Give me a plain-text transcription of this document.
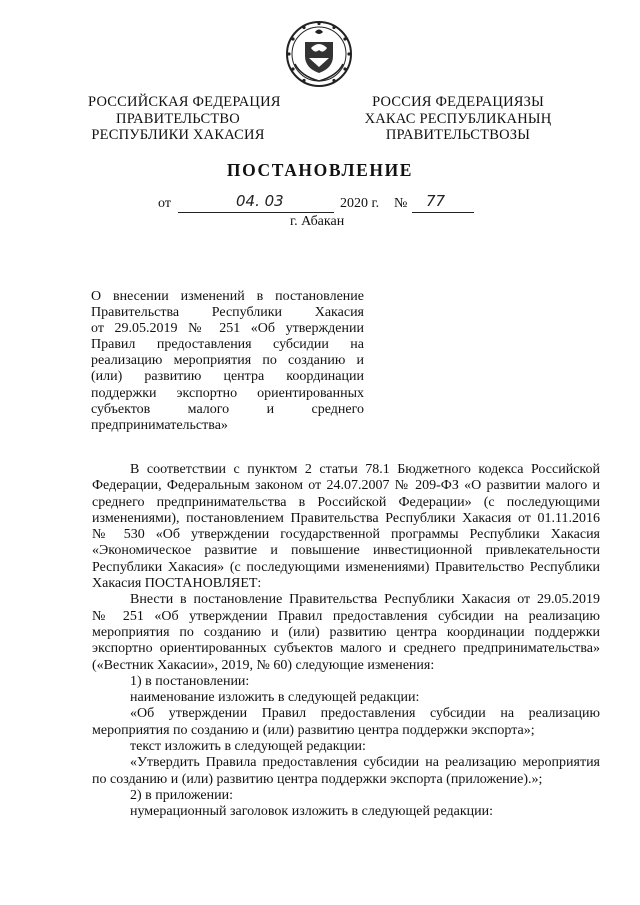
РОССИЙСКАЯ ФЕДЕРАЦИЯ
ПРАВИТЕЛЬСТВО
РЕСПУБЛИКИ ХАКАСИЯ
РОССИЯ ФЕДЕРАЦИЯЗЫ
ХАКАС РЕСПУБЛИКАНЫҢ
ПРАВИТЕЛЬСТВОЗЫ
ПОСТАНОВЛЕНИЕ
от	04. 03	2020 г. № 77
г. Абакан
О внесении изменений в постановление
Правительства Республики Хакасия
от 29.05.2019 № 251 «Об утверждении
Правил предоставления субсидии на
реализацию мероприятия по созданию и
(или) развитию центра координации
поддержки экспортно ориентированных
субъектов малого и среднего
предпринимательства»
В соответствии с пунктом 2 статьи 78.1 Бюджетного кодекса Российской
Федерации, Федеральным законом от 24.07.2007 № 209-ФЗ «О развитии малого и
среднего предпринимательства в Российской Федерации» (с последующими
изменениями), постановлением Правительства Республики Хакасия от 01.11.2016
№ 530 «Об утверждении государственной программы Республики Хакасия
«Экономическое развитие и повышение инвестиционной привлекательности
Республики Хакасия» (с последующими изменениями) Правительство Республики
Хакасия ПОСТАНОВЛЯЕТ:
Внести в постановление Правительства Республики Хакасия от 29.05.2019
№ 251 «Об утверждении Правил предоставления субсидии на реализацию
мероприятия по созданию и (или) развитию центра координации поддержки
экспортно ориентированных субъектов малого и среднего предпринимательства»
(«Вестник Хакасии», 2019, № 60) следующие изменения:
1) в постановлении:
наименование изложить в следующей редакции:
«Об утверждении Правил предоставления субсидии на реализацию
мероприятия по созданию и (или) развитию центра поддержки экспорта»;
текст изложить в следующей редакции:
«Утвердить Правила предоставления субсидии на реализацию мероприятия
по созданию и (или) развитию центра поддержки экспорта (приложение).»;
2) в приложении:
нумерационный заголовок изложить в следующей редакции:
